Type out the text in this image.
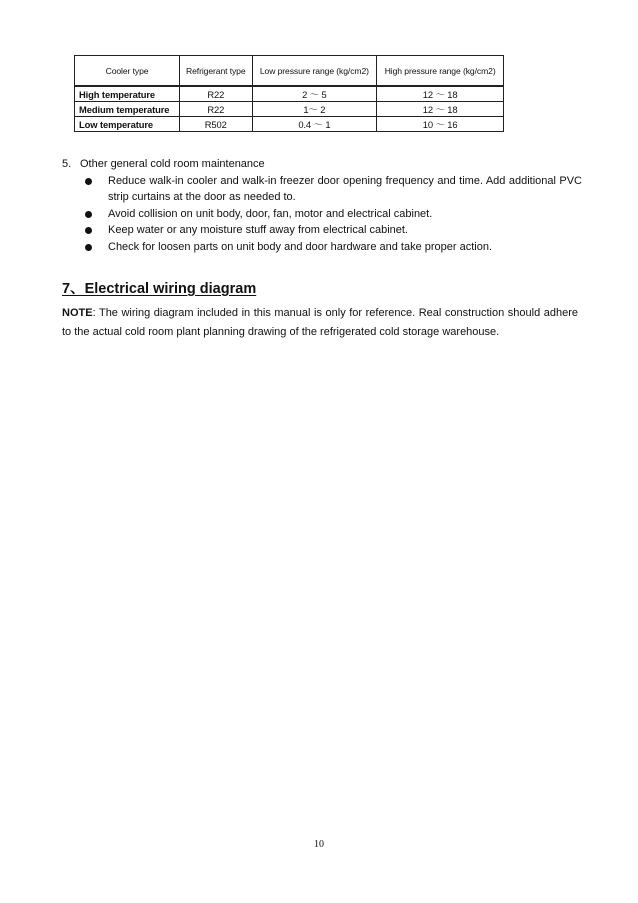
Cooler type	Refrigerant type	Low pressure range (kg/cm2)	High pressure range (kg/cm2)
High temperature	R22	2 ～ 5	12 ～ 18
Medium temperature	R22	1～ 2	12 ～ 18
Low temperature	R502	0.4 ～ 1	10 ～ 16
5. Other general cold room maintenance
Reduce walk-in cooler and walk-in freezer door opening frequency and time. Add additional PVC strip curtains at the door as needed to.
Avoid collision on unit body, door, fan, motor and electrical cabinet.
Keep water or any moisture stuff away from electrical cabinet.
Check for loosen parts on unit body and door hardware and take proper action.
7、Electrical wiring diagram
NOTE: The wiring diagram included in this manual is only for reference. Real construction should adhere to the actual cold room plant planning drawing of the refrigerated cold storage warehouse.
10
